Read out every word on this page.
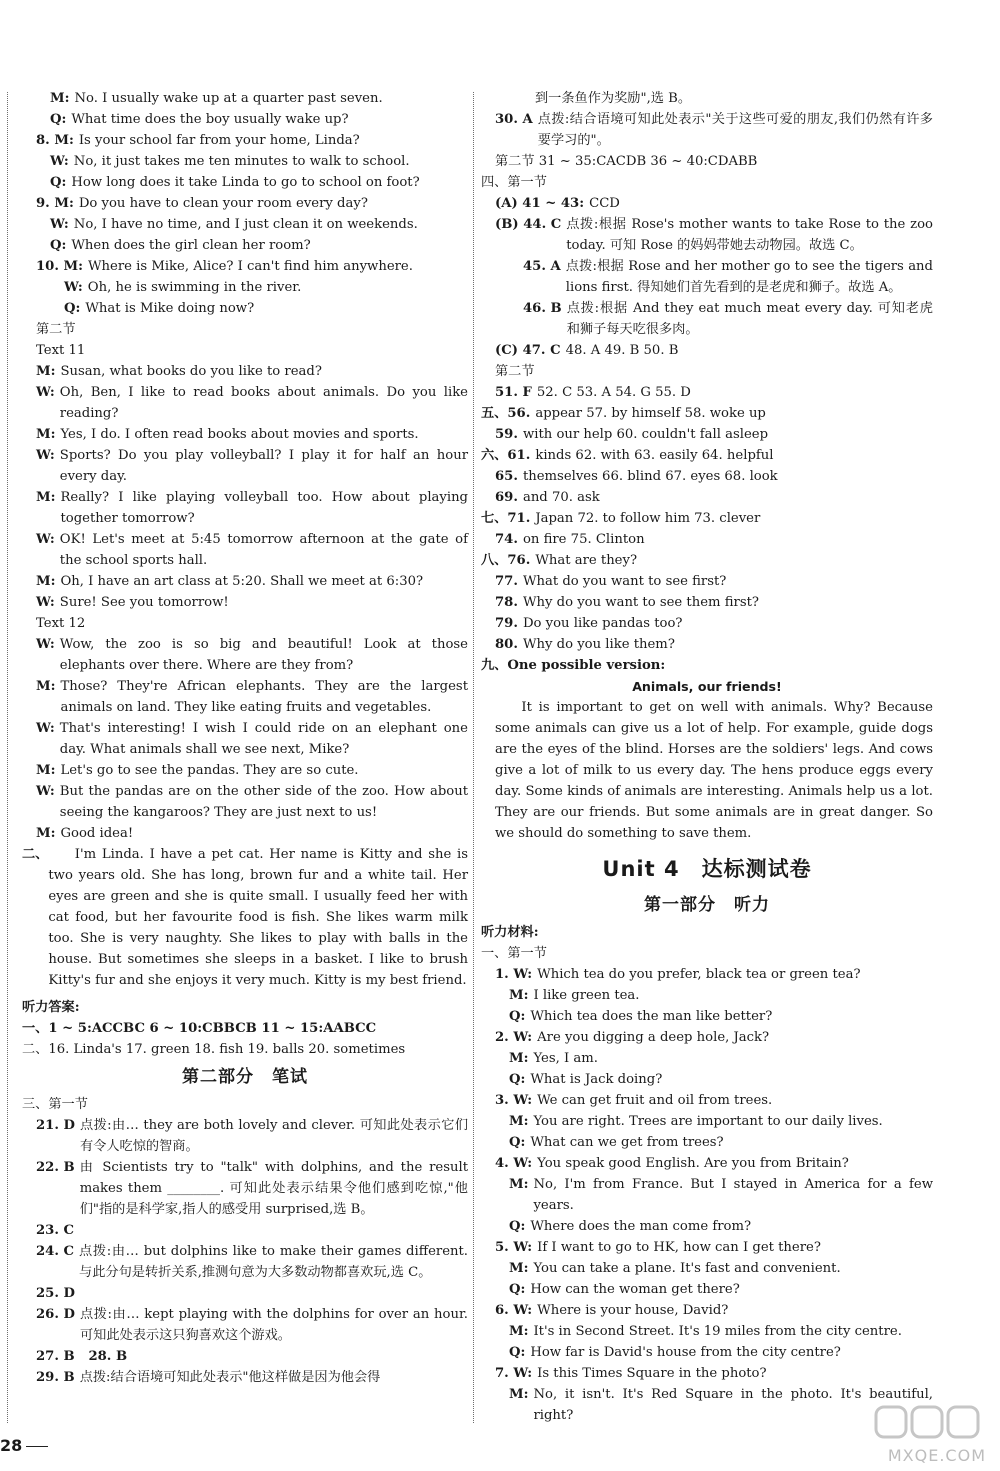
M: No. I usually wake up at a quarter past seven.
Q: What time does the boy usually wake up?
8. M: Is your school far from your home, Linda?
W: No, it just takes me ten minutes to walk to school.
Q: How long does it take Linda to go to school on foot?
9. M: Do you have to clean your room every day?
W: No, I have no time, and I just clean it on weekends.
Q: When does the girl clean her room?
10. M: Where is Mike, Alice? I can't find him anywhere.
W: Oh, he is swimming in the river.
Q: What is Mike doing now?
第二节
Text 11
M: Susan, what books do you like to read?
W: Oh, Ben, I like to read books about animals. Do you like reading?
M: Yes, I do. I often read books about movies and sports.
W: Sports? Do you play volleyball? I play it for half an hour every day.
M: Really? I like playing volleyball too. How about playing together tomorrow?
W: OK! Let's meet at 5:45 tomorrow afternoon at the gate of the school sports hall.
M: Oh, I have an art class at 5:20. Shall we meet at 6:30?
W: Sure! See you tomorrow!
Text 12
W: Wow, the zoo is so big and beautiful! Look at those elephants over there. Where are they from?
M: Those? They're African elephants. They are the largest animals on land. They like eating fruits and vegetables.
W: That's interesting! I wish I could ride on an elephant one day. What animals shall we see next, Mike?
M: Let's go to see the pandas. They are so cute.
W: But the pandas are on the other side of the zoo. How about seeing the kangaroos? They are just next to us!
M: Good idea!
二、	I'm Linda. I have a pet cat. Her name is Kitty and she is two years old. She has long, brown fur and a white tail. Her eyes are green and she is quite small. I usually feed her with cat food, but her favourite food is fish. She likes warm milk too. She is very naughty. She likes to play with balls in the house. But sometimes she sleeps in a basket. I like to brush Kitty's fur and she enjoys it very much. Kitty is my best friend.
听力答案:
一、1 ~ 5:ACCBC 6 ~ 10:CBBCB 11 ~ 15:AABCC
二、16. Linda's 17. green 18. fish 19. balls 20. sometimes
第二部分　笔试
三、第一节
21. D 点拨:由… they are both lovely and clever. 可知此处表示它们有令人吃惊的智商。
22. B 由 Scientists try to "talk" with dolphins, and the result makes them ________. 可知此处表示结果令他们感到吃惊,"他们"指的是科学家,指人的感受用 surprised,选 B。
23. C
24. C 点拨:由… but dolphins like to make their games different. 与此分句是转折关系,推测句意为大多数动物都喜欢玩,选 C。
25. D
26. D 点拨:由… kept playing with the dolphins for over an hour. 可知此处表示这只狗喜欢这个游戏。
27. B   28. B
29. B 点拨:结合语境可知此处表示"他这样做是因为他会得
到一条鱼作为奖励",选 B。
30. A 点拨:结合语境可知此处表示"关于这些可爱的朋友,我们仍然有许多要学习的"。
第二节 31 ~ 35:CACDB 36 ~ 40:CDABB
四、第一节
(A) 41 ~ 43: CCD
(B) 44. C 点拨:根据 Rose's mother wants to take Rose to the zoo today. 可知 Rose 的妈妈带她去动物园。故选 C。
45. A 点拨:根据 Rose and her mother go to see the tigers and lions first. 得知她们首先看到的是老虎和狮子。故选 A。
46. B 点拨:根据 And they eat much meat every day. 可知老虎和狮子每天吃很多肉。
(C) 47. C 48. A 49. B 50. B
第二节
51. F 52. C 53. A 54. G 55. D
五、56. appear 57. by himself 58. woke up
59. with our help 60. couldn't fall asleep
六、61. kinds 62. with 63. easily 64. helpful
65. themselves 66. blind 67. eyes 68. look
69. and 70. ask
七、71. Japan 72. to follow him 73. clever
74. on fire 75. Clinton
八、76. What are they?
77. What do you want to see first?
78. Why do you want to see them first?
79. Do you like pandas too?
80. Why do you like them?
九、One possible version:
Animals, our friends!
It is important to get on well with animals. Why? Because some animals can give us a lot of help. For example, guide dogs are the eyes of the blind. Horses are the soldiers' legs. And cows give a lot of milk to us every day. The hens produce eggs every day. Some kinds of animals are interesting. Animals help us a lot. They are our friends. But some animals are in great danger. So we should do something to save them.
Unit 4　达标测试卷
第一部分　听力
听力材料:
一、第一节
1. W: Which tea do you prefer, black tea or green tea?
M: I like green tea.
Q: Which tea does the man like better?
2. W: Are you digging a deep hole, Jack?
M: Yes, I am.
Q: What is Jack doing?
3. W: We can get fruit and oil from trees.
M: You are right. Trees are important to our daily lives.
Q: What can we get from trees?
4. W: You speak good English. Are you from Britain?
M: No, I'm from France. But I stayed in America for a few years.
Q: Where does the man come from?
5. W: If I want to go to HK, how can I get there?
M: You can take a plane. It's fast and convenient.
Q: How can the woman get there?
6. W: Where is your house, David?
M: It's in Second Street. It's 19 miles from the city centre.
Q: How far is David's house from the city centre?
7. W: Is this Times Square in the photo?
M: No, it isn't. It's Red Square in the photo. It's beautiful, right?
28
MXQE.COM
